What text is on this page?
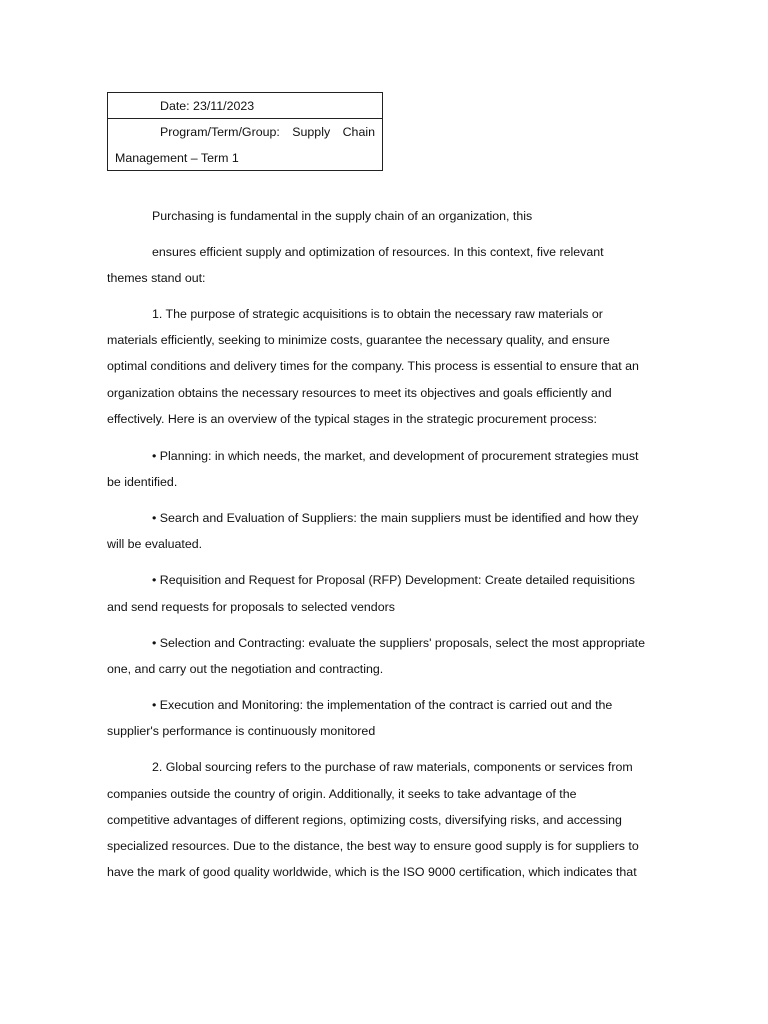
Date: 23/11/2023
Program/Term/Group: Supply Chain
Management – Term 1
Purchasing is fundamental in the supply chain of an organization, this
ensures efficient supply and optimization of resources. In this context, five relevant
themes stand out:
1. The purpose of strategic acquisitions is to obtain the necessary raw materials or
materials efficiently, seeking to minimize costs, guarantee the necessary quality, and ensure
optimal conditions and delivery times for the company. This process is essential to ensure that an
organization obtains the necessary resources to meet its objectives and goals efficiently and
effectively. Here is an overview of the typical stages in the strategic procurement process:
• Planning: in which needs, the market, and development of procurement strategies must
be identified.
• Search and Evaluation of Suppliers: the main suppliers must be identified and how they
will be evaluated.
• Requisition and Request for Proposal (RFP) Development: Create detailed requisitions
and send requests for proposals to selected vendors
• Selection and Contracting: evaluate the suppliers' proposals, select the most appropriate
one, and carry out the negotiation and contracting.
• Execution and Monitoring: the implementation of the contract is carried out and the
supplier's performance is continuously monitored
2. Global sourcing refers to the purchase of raw materials, components or services from
companies outside the country of origin. Additionally, it seeks to take advantage of the
competitive advantages of different regions, optimizing costs, diversifying risks, and accessing
specialized resources. Due to the distance, the best way to ensure good supply is for suppliers to
have the mark of good quality worldwide, which is the ISO 9000 certification, which indicates that
